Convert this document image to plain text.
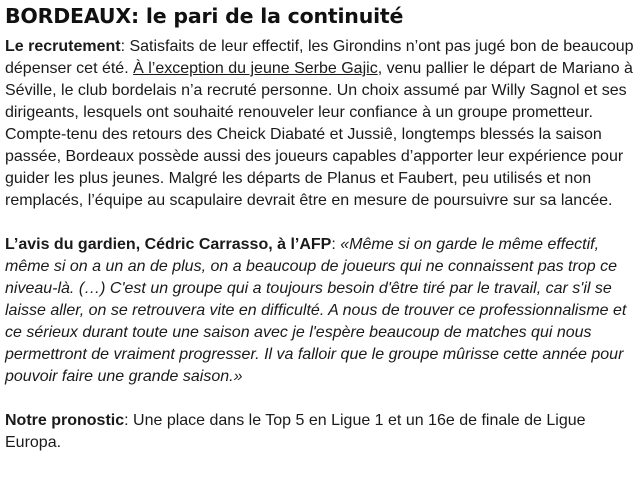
BORDEAUX: le pari de la continuité

Le recrutement: Satisfaits de leur effectif, les Girondins n’ont pas jugé bon de beaucoup dépenser cet été. À l’exception du jeune Serbe Gajic, venu pallier le départ de Mariano à Séville, le club bordelais n’a recruté personne. Un choix assumé par Willy Sagnol et ses dirigeants, lesquels ont souhaité renouveler leur confiance à un groupe prometteur. Compte-tenu des retours des Cheick Diabaté et Jussiê, longtemps blessés la saison passée, Bordeaux possède aussi des joueurs capables d’apporter leur expérience pour guider les plus jeunes. Malgré les départs de Planus et Faubert, peu utilisés et non remplacés, l’équipe au scapulaire devrait être en mesure de poursuivre sur sa lancée.

L’avis du gardien, Cédric Carrasso, à l’AFP: «Même si on garde le même effectif, même si on a un an de plus, on a beaucoup de joueurs qui ne connaissent pas trop ce niveau-là. (…) C'est un groupe qui a toujours besoin d'être tiré par le travail, car s'il se laisse aller, on se retrouvera vite en difficulté. A nous de trouver ce professionnalisme et ce sérieux durant toute une saison avec je l'espère beaucoup de matches qui nous permettront de vraiment progresser. Il va falloir que le groupe mûrisse cette année pour pouvoir faire une grande saison.»

Notre pronostic: Une place dans le Top 5 en Ligue 1 et un 16e de finale de Ligue Europa.
